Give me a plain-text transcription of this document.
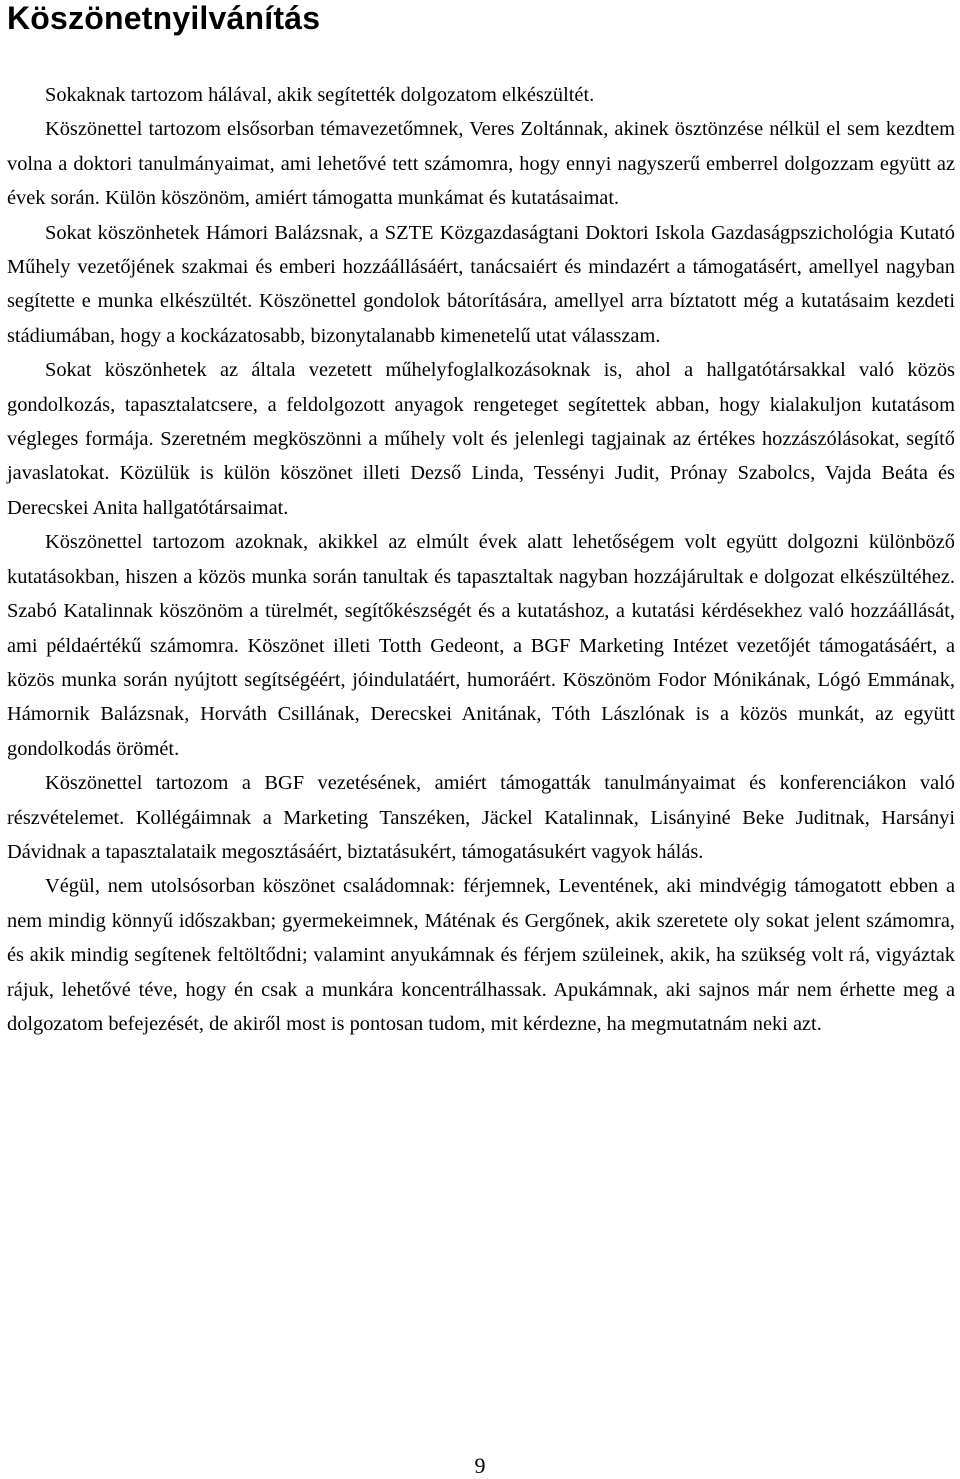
Köszönetnyilvánítás

Sokaknak tartozom hálával, akik segítették dolgozatom elkészültét.

Köszönettel tartozom elsősorban témavezetőmnek, Veres Zoltánnak, akinek ösztönzése nélkül el sem kezdtem volna a doktori tanulmányaimat, ami lehetővé tett számomra, hogy ennyi nagyszerű emberrel dolgozzam együtt az évek során. Külön köszönöm, amiért támogatta munkámat és kutatásaimat.

Sokat köszönhetek Hámori Balázsnak, a SZTE Közgazdaságtani Doktori Iskola Gazdaságpszichológia Kutató Műhely vezetőjének szakmai és emberi hozzáállásáért, tanácsaiért és mindazért a támogatásért, amellyel nagyban segítette e munka elkészültét. Köszönettel gondolok bátorítására, amellyel arra bíztatott még a kutatásaim kezdeti stádiumában, hogy a kockázatosabb, bizonytalanabb kimenetelű utat válasszam.

Sokat köszönhetek az általa vezetett műhelyfoglalkozásoknak is, ahol a hallgatótársakkal való közös gondolkozás, tapasztalatcsere, a feldolgozott anyagok rengeteget segítettek abban, hogy kialakuljon kutatásom végleges formája. Szeretném megköszönni a műhely volt és jelenlegi tagjainak az értékes hozzászólásokat, segítő javaslatokat. Közülük is külön köszönet illeti Dezső Linda, Tessényi Judit, Prónay Szabolcs, Vajda Beáta és Derecskei Anita hallgatótársaimat.

Köszönettel tartozom azoknak, akikkel az elmúlt évek alatt lehetőségem volt együtt dolgozni különböző kutatásokban, hiszen a közös munka során tanultak és tapasztaltak nagyban hozzájárultak e dolgozat elkészültéhez. Szabó Katalinnak köszönöm a türelmét, segítőkészségét és a kutatáshoz, a kutatási kérdésekhez való hozzáállását, ami példaértékű számomra. Köszönet illeti Totth Gedeont, a BGF Marketing Intézet vezetőjét támogatásáért, a közös munka során nyújtott segítségéért, jóindulatáért, humoráért. Köszönöm Fodor Mónikának, Lógó Emmának, Hámornik Balázsnak, Horváth Csillának, Derecskei Anitának, Tóth Lászlónak is a közös munkát, az együtt gondolkodás örömét.

Köszönettel tartozom a BGF vezetésének, amiért támogatták tanulmányaimat és konferenciákon való részvételemet. Kollégáimnak a Marketing Tanszéken, Jäckel Katalinnak, Lisányiné Beke Juditnak, Harsányi Dávidnak a tapasztalataik megosztásáért, biztatásukért, támogatásukért vagyok hálás.

Végül, nem utolsósorban köszönet családomnak: férjemnek, Leventének, aki mindvégig támogatott ebben a nem mindig könnyű időszakban; gyermekeimnek, Máténak és Gergőnek, akik szeretete oly sokat jelent számomra, és akik mindig segítenek feltöltődni; valamint anyukámnak és férjem szüleinek, akik, ha szükség volt rá, vigyáztak rájuk, lehetővé téve, hogy én csak a munkára koncentrálhassak. Apukámnak, aki sajnos már nem érhette meg a dolgozatom befejezését, de akiről most is pontosan tudom, mit kérdezne, ha megmutatnám neki azt.

9
